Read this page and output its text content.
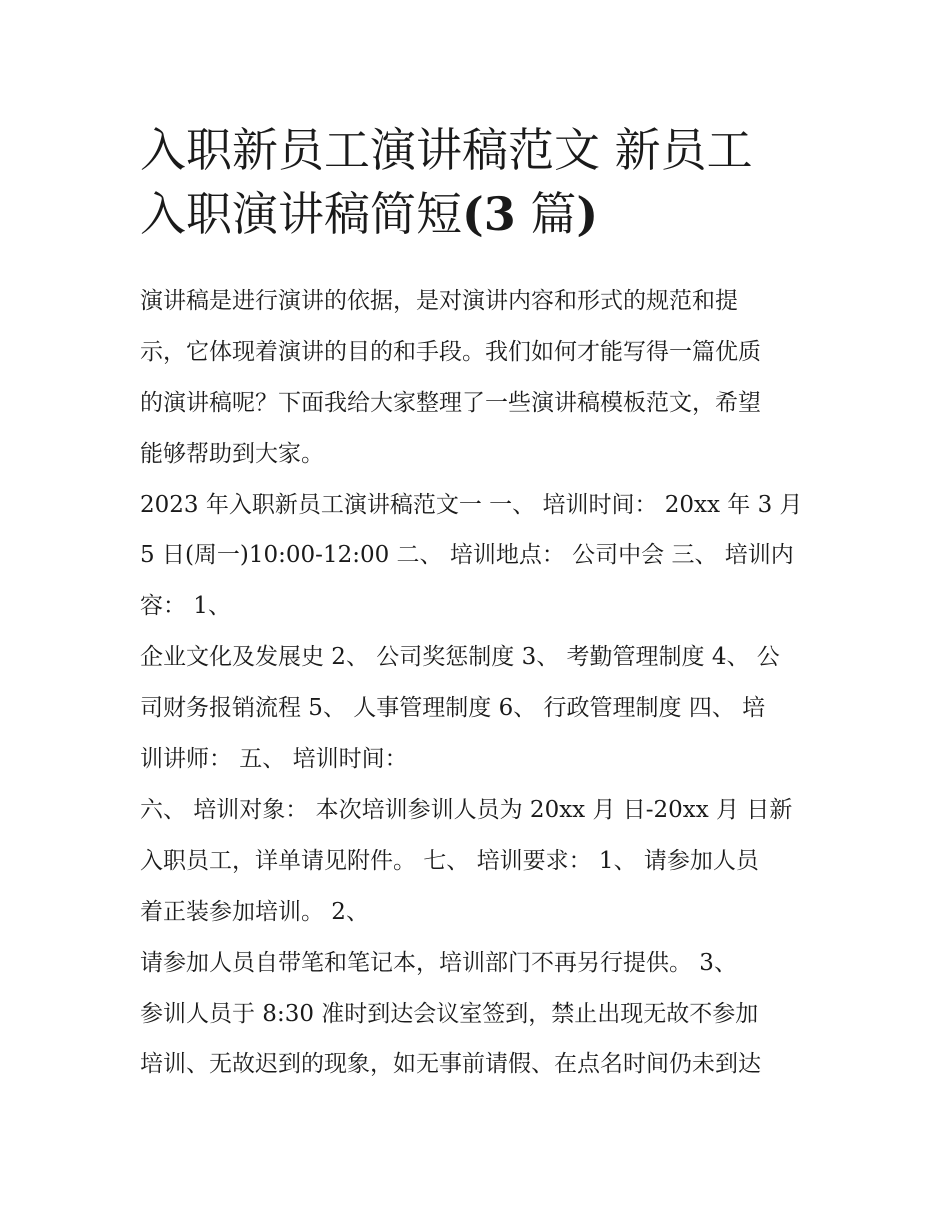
入职新员工演讲稿范文 新员工
入职演讲稿简短(3 篇)

演讲稿是进行演讲的依据，是对演讲内容和形式的规范和提

示，它体现着演讲的目的和手段。我们如何才能写得一篇优质

的演讲稿呢？下面我给大家整理了一些演讲稿模板范文，希望

能够帮助到大家。

2023 年入职新员工演讲稿范文一 一、 培训时间： 20xx 年 3 月

5 日(周一)10:00-12:00 二、 培训地点： 公司中会 三、 培训内

容： 1、

企业文化及发展史 2、 公司奖惩制度 3、 考勤管理制度 4、 公

司财务报销流程 5、 人事管理制度 6、 行政管理制度 四、 培

训讲师： 五、 培训时间：

六、 培训对象： 本次培训参训人员为 20xx 月 日-20xx 月 日新

入职员工，详单请见附件。 七、 培训要求： 1、 请参加人员

着正装参加培训。 2、

请参加人员自带笔和笔记本，培训部门不再另行提供。 3、

参训人员于 8:30 准时到达会议室签到，禁止出现无故不参加

培训、无故迟到的现象，如无事前请假、在点名时间仍未到达
